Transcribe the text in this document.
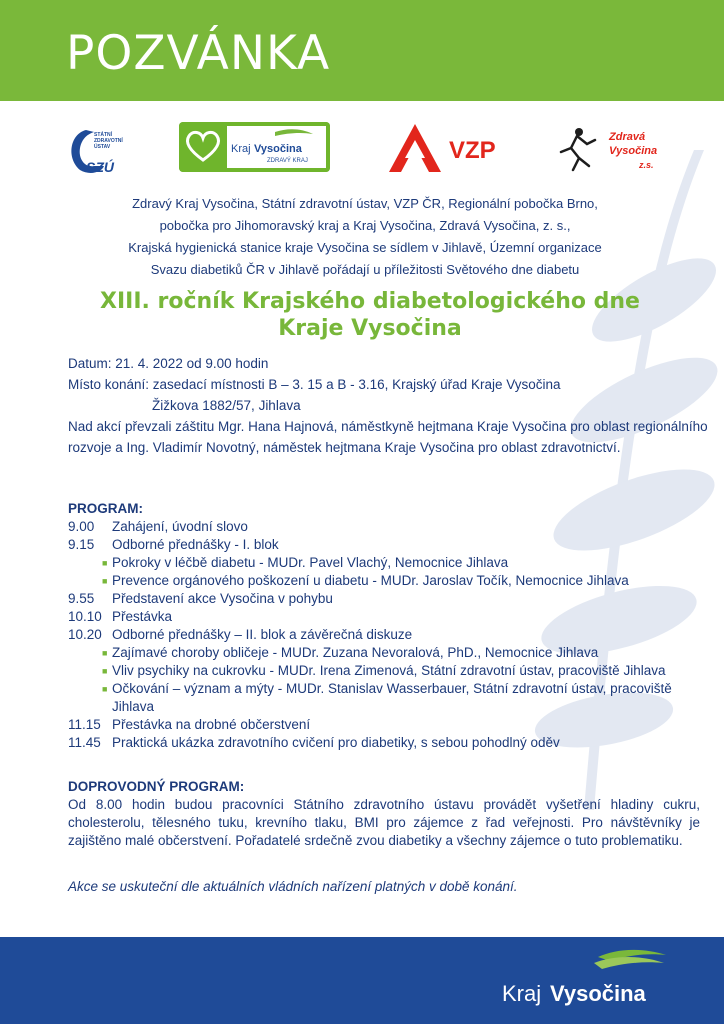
POZVÁNKA
STÁTNÍ
ZDRAVOTNÍ
ÚSTAV
SZÚ
Kraj Vysočina
ZDRAVÝ KRAJ	VZP	Zdravá
Vysočina
z.s.
Zdravý Kraj Vysočina, Státní zdravotní ústav, VZP ČR, Regionální pobočka Brno,
pobočka pro Jihomoravský kraj a Kraj Vysočina, Zdravá Vysočina, z. s.,
Krajská hygienická stanice kraje Vysočina se sídlem v Jihlavě, Územní organizace
Svazu diabetiků ČR v Jihlavě pořádají u příležitosti Světového dne diabetu
XIII. ročník Krajského diabetologického dne
Kraje Vysočina
Datum: 21. 4. 2022 od 9.00 hodin
Místo konání: zasedací místnosti B – 3. 15 a B - 3.16, Krajský úřad Kraje Vysočina
Žižkova 1882/57, Jihlava
Nad akcí převzali záštitu Mgr. Hana Hajnová, náměstkyně hejtmana Kraje Vysočina pro oblast regionálního rozvoje a Ing. Vladimír Novotný, náměstek hejtmana Kraje Vysočina pro oblast zdravotnictví.
PROGRAM:
9.00	Zahájení, úvodní slovo
9.15	Odborné přednášky - I. blok
■ Pokroky v léčbě diabetu - MUDr. Pavel Vlachý, Nemocnice Jihlava
■ Prevence orgánového poškození u diabetu - MUDr. Jaroslav Točík, Nemocnice Jihlava
9.55	Představení akce Vysočina v pohybu
10.10 Přestávka
10.20 Odborné přednášky – II. blok a závěrečná diskuze
■ Zajímavé choroby obličeje - MUDr. Zuzana Nevoralová, PhD., Nemocnice Jihlava
■ Vliv psychiky na cukrovku - MUDr. Irena Zimenová, Státní zdravotní ústav, pracoviště Jihlava
■ Očkování – význam a mýty - MUDr. Stanislav Wasserbauer, Státní zdravotní ústav, pracoviště Jihlava
11.15 Přestávka na drobné občerstvení
11.45 Praktická ukázka zdravotního cvičení pro diabetiky, s sebou pohodlný oděv
DOPROVODNÝ PROGRAM:
Od 8.00 hodin budou pracovníci Státního zdravotního ústavu provádět vyšetření hladiny cukru, cholesterolu, tělesného tuku, krevního tlaku, BMI pro zájemce z řad veřejnosti. Pro návštěvníky je zajištěno malé občerstvení. Pořadatelé srdečně zvou diabetiky a všechny zájemce o tuto problematiku.
Akce se uskuteční dle aktuálních vládních nařízení platných v době konání.
Kraj Vysočina
